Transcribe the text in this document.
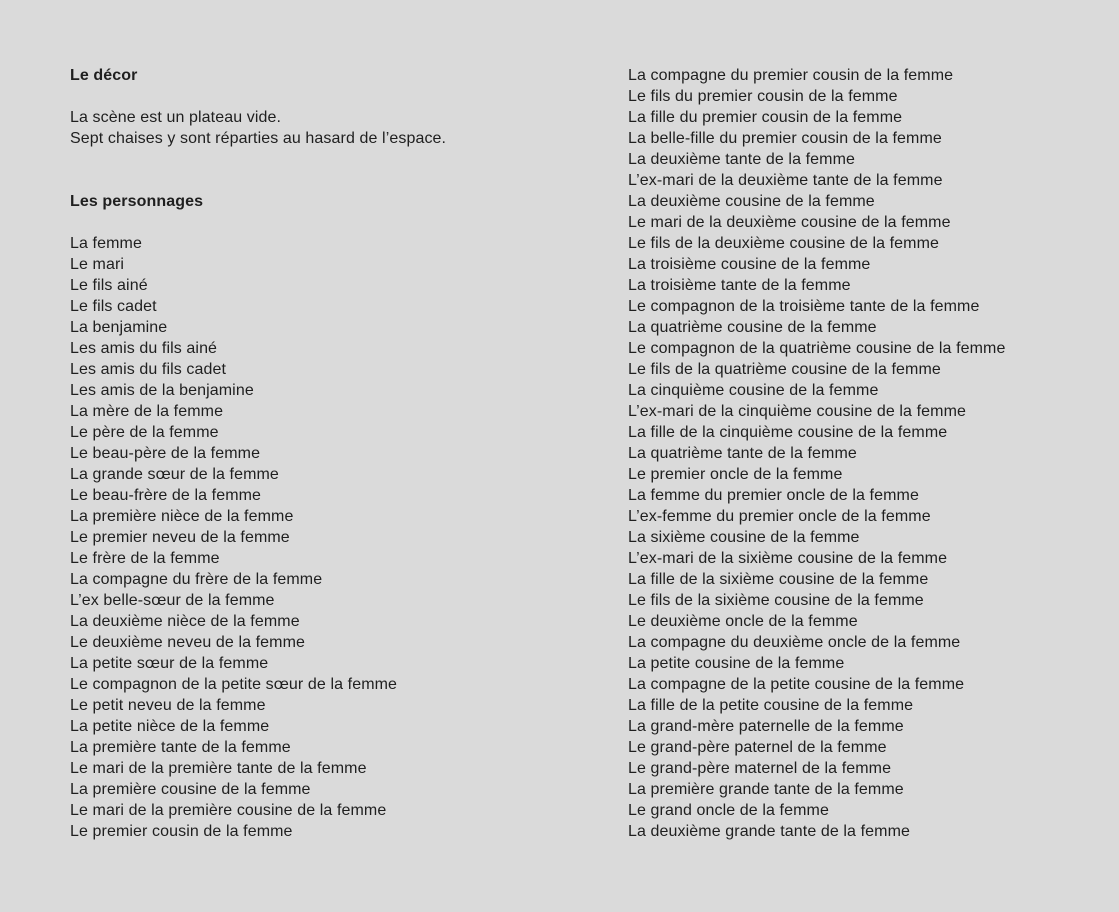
Le décor
La scène est un plateau vide.
Sept chaises y sont réparties au hasard de l’espace.
Les personnages
La femme
Le mari
Le fils ainé
Le fils cadet
La benjamine
Les amis du fils ainé
Les amis du fils cadet
Les amis de la benjamine
La mère de la femme
Le père de la femme
Le beau-père de la femme
La grande sœur de la femme
Le beau-frère de la femme
La première nièce de la femme
Le premier neveu de la femme
Le frère de la femme
La compagne du frère de la femme
L’ex belle-sœur de la femme
La deuxième nièce de la femme
Le deuxième neveu de la femme
La petite sœur de la femme
Le compagnon de la petite sœur de la femme
Le petit neveu de la femme
La petite nièce de la femme
La première tante de la femme
Le mari de la première tante de la femme
La première cousine de la femme
Le mari de la première cousine de la femme
Le premier cousin de la femme
La compagne du premier cousin de la femme
Le fils du premier cousin de la femme
La fille du premier cousin de la femme
La belle-fille du premier cousin de la femme
La deuxième tante de la femme
L’ex-mari de la deuxième tante de la femme
La deuxième cousine de la femme
Le mari de la deuxième cousine de la femme
Le fils de la deuxième cousine de la femme
La troisième cousine de la femme
La troisième tante de la femme
Le compagnon de la troisième tante de la femme
La quatrième cousine de la femme
Le compagnon de la quatrième cousine de la femme
Le fils de la quatrième cousine de la femme
La cinquième cousine de la femme
L’ex-mari de la cinquième cousine de la femme
La fille de la cinquième cousine de la femme
La quatrième tante de la femme
Le premier oncle de la femme
La femme du premier oncle de la femme
L’ex-femme du premier oncle de la femme
La sixième cousine de la femme
L’ex-mari de la sixième cousine de la femme
La fille de la sixième cousine de la femme
Le fils de la sixième cousine de la femme
Le deuxième oncle de la femme
La compagne du deuxième oncle de la femme
La petite cousine de la femme
La compagne de la petite cousine de la femme
La fille de la petite cousine de la femme
La grand-mère paternelle de la femme
Le grand-père paternel de la femme
Le grand-père maternel de la femme
La première grande tante de la femme
Le grand oncle de la femme
La deuxième grande tante de la femme
